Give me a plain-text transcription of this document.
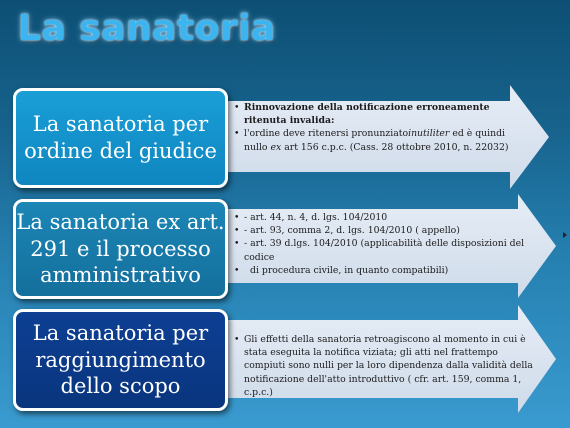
La sanatoria
La sanatoria per ordine del giudice
• Rinnovazione della notificazione erroneamente ritenuta invalida:
• l'ordine deve ritenersi pronunziatoinutiliter ed è quindi nullo ex art 156 c.p.c. (Cass. 28 ottobre 2010, n. 22032)
La sanatoria ex art. 291 e il processo amministrativo
• - art. 44, n. 4, d. lgs. 104/2010
• - art. 93, comma 2, d. lgs. 104/2010 ( appello)
• - art. 39 d.lgs. 104/2010 (applicabilità delle disposizioni del codice
•	di procedura civile, in quanto compatibili)
La sanatoria per raggiungimento dello scopo
• Gli effetti della sanatoria retroagiscono al momento in cui è stata eseguita la notifica viziata; gli atti nel frattempo compiuti sono nulli per la loro dipendenza dalla validità della notificazione dell'atto introduttivo ( cfr. art. 159, comma 1, c.p.c.)
